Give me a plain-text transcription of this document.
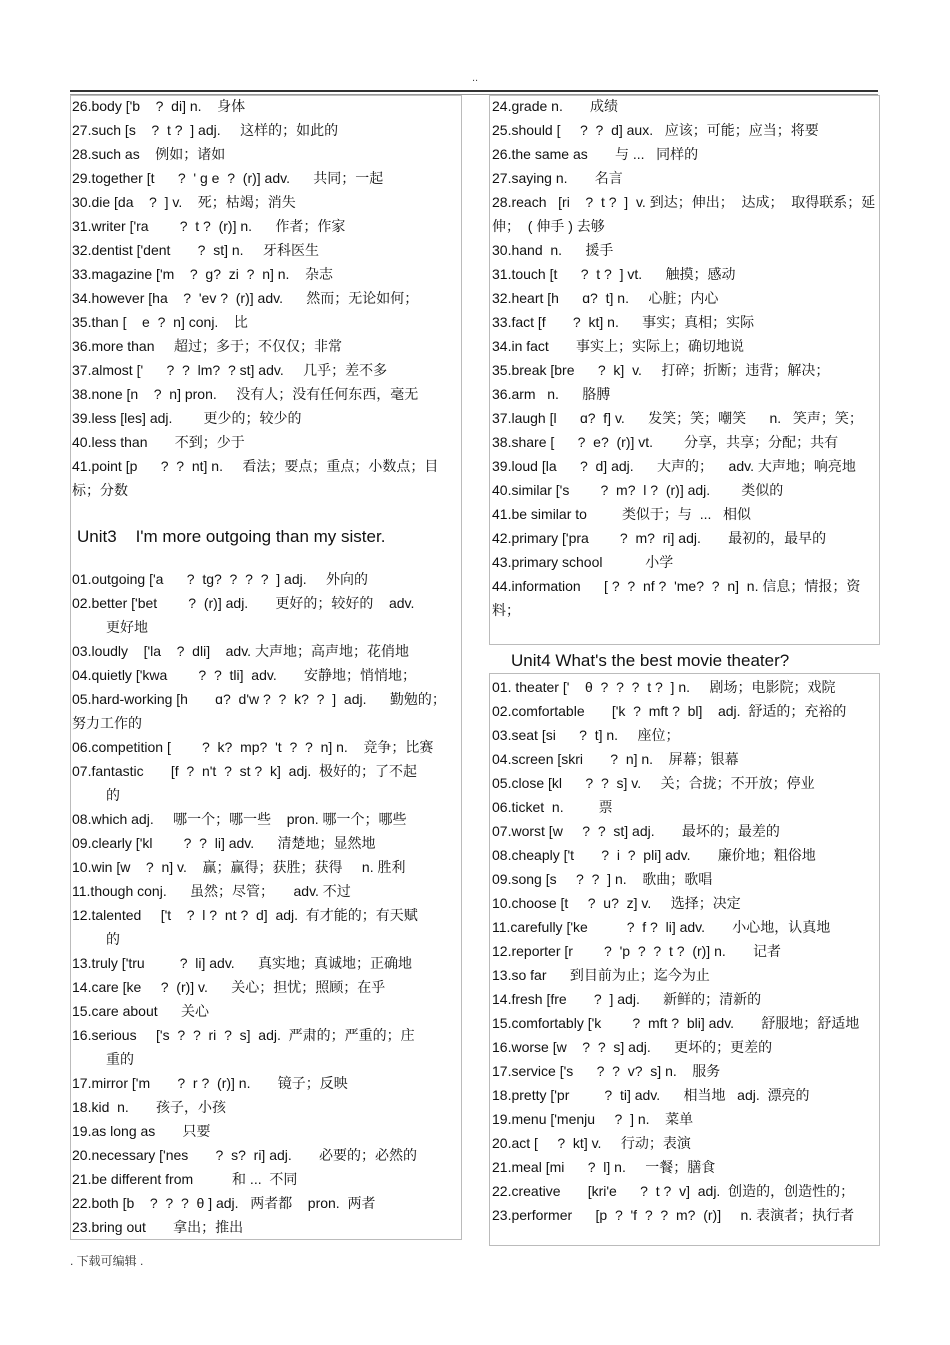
..

26.body ['b    ?  di] n.    身体

27.such [s    ?  t ?  ] adj.     这样的；如此的

28.such as    例如；诸如

29.together [t      ?  ' ɡ e  ?  (r)] adv.      共同；一起

30.die [da    ?  ] v.    死；枯竭；消失

31.writer ['ra        ?  t ?  (r)] n.      作者；作家

32.dentist ['dent       ?  st] n.     牙科医生

33.magazine ['m    ?  ɡ?  zi  ?  n] n.    杂志

34.however [ha    ?  'ev ?  (r)] adv.      然而；无论如何；

35.than [    e  ?  n] conj.    比

36.more than     超过；多于；不仅仅；非常

37.almost ['      ?  ?  lm?  ? st] adv.     几乎；差不多

38.none [n    ?  n] pron.     没有人；没有任何东西，毫无

39.less [les] adj.        更少的；较少的

40.less than       不到；少于

41.point [p      ?  ?  nt] n.     看法；要点；重点；小数点；目标；分数

Unit3    I'm more outgoing than my sister.

01.outgoing ['a      ?  tɡ?  ?  ?  ?  ] adj.     外向的

02.better ['bet        ?  (r)] adj.       更好的；较好的    adv.

更好地

03.loudly    ['la    ?  dli]    adv. 大声地；高声地；花俏地

04.quietly ['kwa        ?  ?  tli]  adv.       安静地；悄悄地；

05.hard-working [h       ɑ?  d'w ?  ?  k?  ?  ]  adj.      勤勉的；努力工作的

06.competition [        ?  k?  mp?  't  ?  ?  n] n.    竞争；比赛

07.fantastic       [f  ?  n't  ?  st ?  k]  adj.  极好的；了不起

的

08.which adj.     哪一个；哪一些    pron. 哪一个；哪些

09.clearly ['kl        ?  ?  li] adv.      清楚地；显然地

10.win [w    ?  n] v.    赢；赢得；获胜；获得     n. 胜利

11.though conj.      虽然；尽管；     adv. 不过

12.talented     ['t    ?  l ?  nt ?  d]  adj.  有才能的；有天赋

的

13.truly ['tru         ?  li] adv.      真实地；真诚地；正确地

14.care [ke     ?  (r)] v.      关心；担忧；照顾；在乎

15.care about      关心

16.serious     ['s  ?  ?  ri  ?  s]  adj.  严肃的；严重的；庄

重的

17.mirror ['m       ?  r ?  (r)] n.       镜子；反映

18.kid  n.       孩子，小孩

19.as long as       只要

20.necessary ['nes       ?  s?  ri] adj.       必要的；必然的

21.be different from          和 ...  不同

22.both [b    ?  ?  ?  θ ] adj.   两者都    pron.  两者

23.bring out       拿出；推出

24.grade n.       成绩

25.should [     ?  ?  d] aux.   应该；可能；应当；将要

26.the same as       与 ...   同样的

27.saying n.       名言

28.reach   [ri    ?  t ?  ]  v. 到达；伸出；  达成；  取得联系；延伸；  ( 伸手 ) 去够

30.hand  n.      援手

31.touch [t      ?  t ?  ] vt.      触摸；感动

32.heart [h      ɑ?  t] n.     心脏；内心

33.fact [f       ?  kt] n.      事实；真相；实际

34.in fact       事实上；实际上；确切地说

35.break [bre      ?  k]  v.     打碎；折断；违背；解决；

36.arm   n.      胳膊

37.laugh [l      ɑ?  f] v.      发笑；笑；嘲笑      n.   笑声；笑；

38.share [      ?  e?  (r)] vt.        分享，共享；分配；共有

39.loud [la      ?  d] adj.      大声的；    adv. 大声地；响亮地

40.similar ['s        ?  m?  l ?  (r)] adj.        类似的

41.be similar to         类似于；与  ...   相似

42.primary ['pra        ?  m?  ri] adj.       最初的，最早的

43.primary school           小学

44.information      [ ?  ?  nf ?  'me?  ?  n]  n. 信息；情报；资料；

Unit4 What's the best movie theater?

01. theater ['    θ  ?  ?  ?  t ?  ] n.     剧场；电影院；戏院

02.comfortable       ['k  ?  mft ?  bl]    adj.  舒适的；充裕的

03.seat [si      ?  t] n.     座位；

04.screen [skri       ?  n] n.    屏幕；银幕

05.close [kl      ?  ?  s] v.     关；合拢；不开放；停业

06.ticket  n.         票

07.worst [w     ?  ?  st] adj.       最坏的；最差的

08.cheaply ['t       ?  i  ?  pli] adv.       廉价地；粗俗地

09.song [s     ?  ?  ] n.    歌曲；歌唱

10.choose [t     ?  u?  z] v.     选择；决定

11.carefully ['ke          ?  f ?  li] adv.       小心地，认真地

12.reporter [r        ?  'p  ?  ?  t ?  (r)] n.       记者

13.so far      到目前为止；迄今为止

14.fresh [fre       ?  ] adj.      新鲜的；清新的

15.comfortably ['k        ?  mft ?  bli] adv.       舒服地；舒适地

16.worse [w    ?  ?  s] adj.      更坏的；更差的

17.service ['s      ?  ?  v?  s] n.    服务

18.pretty ['pr         ?  ti] adv.      相当地   adj.  漂亮的

19.menu ['menju     ?  ] n.    菜单

20.act [     ?  kt] v.     行动；表演

21.meal [mi      ?  l] n.     一餐；膳食

22.creative       [kri'e      ?  t ?  v]  adj.  创造的，创造性的；

23.performer      [p  ?  'f  ?  ?  m?  (r)]     n. 表演者；执行者

. 下载可编辑 .
